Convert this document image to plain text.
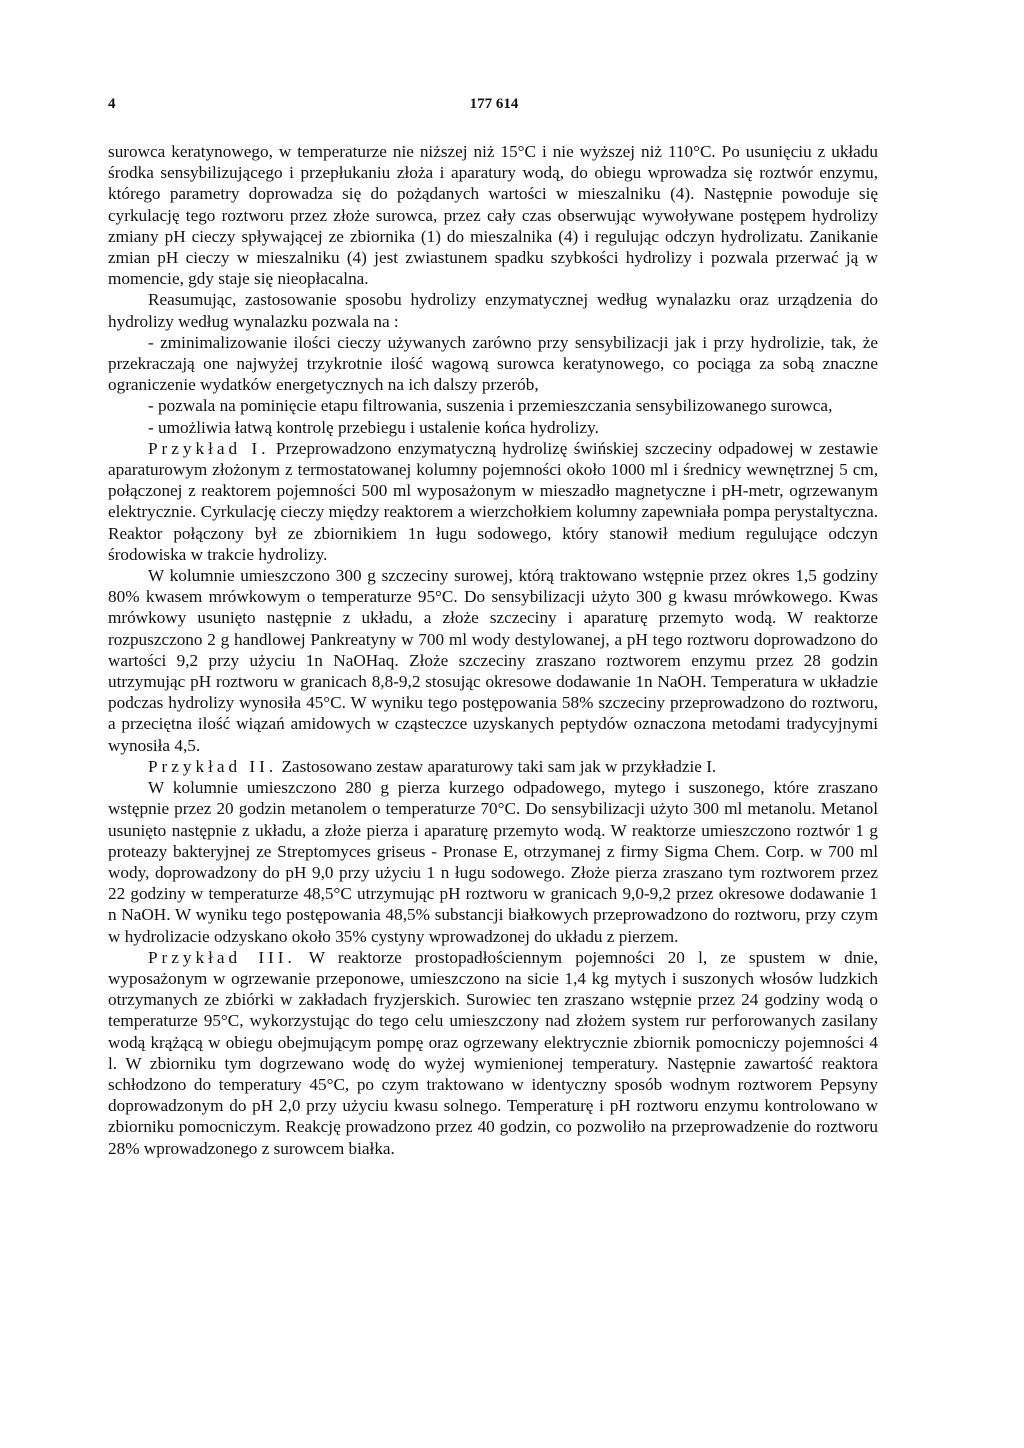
4	177 614

surowca keratynowego, w temperaturze nie niższej niż 15°C i nie wyższej niż 110°C. Po usunięciu z układu środka sensybilizującego i przepłukaniu złoża i aparatury wodą, do obiegu wprowadza się roztwór enzymu, którego parametry doprowadza się do pożądanych wartości w mieszalniku (4). Następnie powoduje się cyrkulację tego roztworu przez złoże surowca, przez cały czas obserwując wywoływane postępem hydrolizy zmiany pH cieczy spływającej ze zbiornika (1) do mieszalnika (4) i regulując odczyn hydrolizatu. Zanikanie zmian pH cieczy w mieszalniku (4) jest zwiastunem spadku szybkości hydrolizy i pozwala przerwać ją w momencie, gdy staje się nieopłacalna.

Reasumując, zastosowanie sposobu hydrolizy enzymatycznej według wynalazku oraz urządzenia do hydrolizy według wynalazku pozwala na :

- zminimalizowanie ilości cieczy używanych zarówno przy sensybilizacji jak i przy hydrolizie, tak, że przekraczają one najwyżej trzykrotnie ilość wagową surowca keratynowego, co pociąga za sobą znaczne ograniczenie wydatków energetycznych na ich dalszy przerób,

- pozwala na pominięcie etapu filtrowania, suszenia i przemieszczania sensybilizowanego surowca,

- umożliwia łatwą kontrolę przebiegu i ustalenie końca hydrolizy.

Przykład I. Przeprowadzono enzymatyczną hydrolizę świńskiej szczeciny odpadowej w zestawie aparaturowym złożonym z termostatowanej kolumny pojemności około 1000 ml i średnicy wewnętrznej 5 cm, połączonej z reaktorem pojemności 500 ml wyposażonym w mieszadło magnetyczne i pH-metr, ogrzewanym elektrycznie. Cyrkulację cieczy między reaktorem a wierzchołkiem kolumny zapewniała pompa perystaltyczna. Reaktor połączony był ze zbiornikiem 1n ługu sodowego, który stanowił medium regulujące odczyn środowiska w trakcie hydrolizy.

W kolumnie umieszczono 300 g szczeciny surowej, którą traktowano wstępnie przez okres 1,5 godziny 80% kwasem mrówkowym o temperaturze 95°C. Do sensybilizacji użyto 300 g kwasu mrówkowego. Kwas mrówkowy usunięto następnie z układu, a złoże szczeciny i aparaturę przemyto wodą. W reaktorze rozpuszczono 2 g handlowej Pankreatyny w 700 ml wody destylowanej, a pH tego roztworu doprowadzono do wartości 9,2 przy użyciu 1n NaOHaq. Złoże szczeciny zraszano roztworem enzymu przez 28 godzin utrzymując pH roztworu w granicach 8,8-9,2 stosując okresowe dodawanie 1n NaOH. Temperatura w układzie podczas hydrolizy wynosiła 45°C. W wyniku tego postępowania 58% szczeciny przeprowadzono do roztworu, a przeciętna ilość wiązań amidowych w cząsteczce uzyskanych peptydów oznaczona metodami tradycyjnymi wynosiła 4,5.

Przykład II. Zastosowano zestaw aparaturowy taki sam jak w przykładzie I.

W kolumnie umieszczono 280 g pierza kurzego odpadowego, mytego i suszonego, które zraszano wstępnie przez 20 godzin metanolem o temperaturze 70°C. Do sensybilizacji użyto 300 ml metanolu. Metanol usunięto następnie z układu, a złoże pierza i aparaturę przemyto wodą. W reaktorze umieszczono roztwór 1 g proteazy bakteryjnej ze Streptomyces griseus - Pronase E, otrzymanej z firmy Sigma Chem. Corp. w 700 ml wody, doprowadzony do pH 9,0 przy użyciu 1 n ługu sodowego. Złoże pierza zraszano tym roztworem przez 22 godziny w temperaturze 48,5°C utrzymując pH roztworu w granicach 9,0-9,2 przez okresowe dodawanie 1 n NaOH. W wyniku tego postępowania 48,5% substancji białkowych przeprowadzono do roztworu, przy czym w hydrolizacie odzyskano około 35% cystyny wprowadzonej do układu z pierzem.

Przykład III. W reaktorze prostopadłościennym pojemności 20 l, ze spustem w dnie, wyposażonym w ogrzewanie przeponowe, umieszczono na sicie 1,4 kg mytych i suszonych włosów ludzkich otrzymanych ze zbiórki w zakładach fryzjerskich. Surowiec ten zraszano wstępnie przez 24 godziny wodą o temperaturze 95°C, wykorzystując do tego celu umieszczony nad złożem system rur perforowanych zasilany wodą krążącą w obiegu obejmującym pompę oraz ogrzewany elektrycznie zbiornik pomocniczy pojemności 4 l. W zbiorniku tym dogrzewano wodę do wyżej wymienionej temperatury. Następnie zawartość reaktora schłodzono do temperatury 45°C, po czym traktowano w identyczny sposób wodnym roztworem Pepsyny doprowadzonym do pH 2,0 przy użyciu kwasu solnego. Temperaturę i pH roztworu enzymu kontrolowano w zbiorniku pomocniczym. Reakcję prowadzono przez 40 godzin, co pozwoliło na przeprowadzenie do roztworu 28% wprowadzonego z surowcem białka.
